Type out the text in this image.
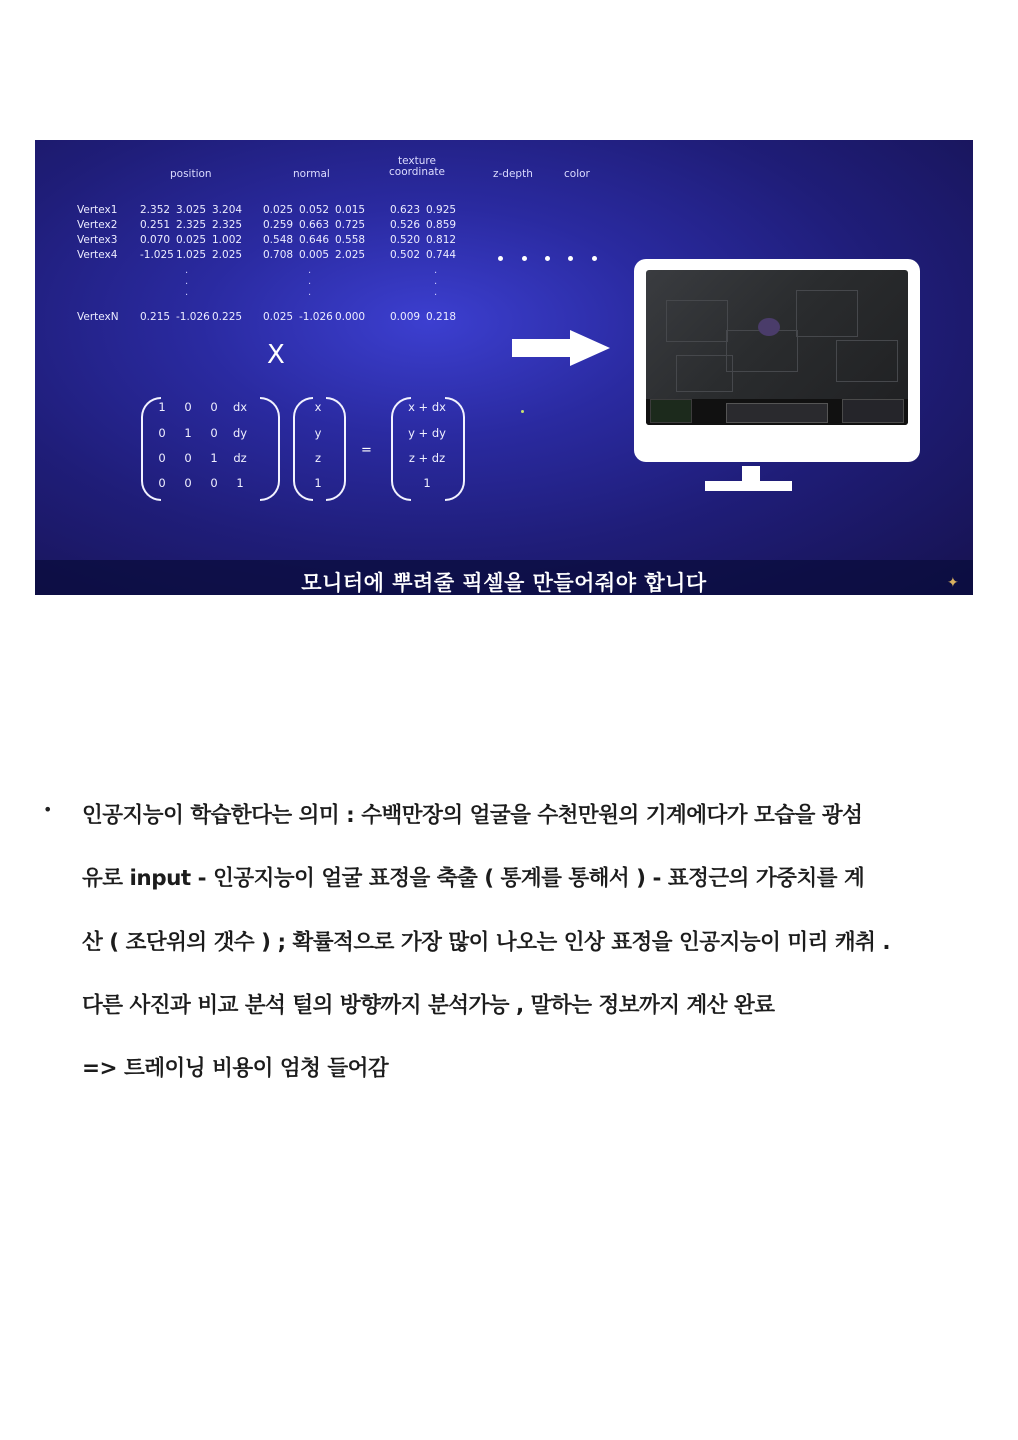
position	normal
texture
coordinate	z-depth	color
Vertex1 2.352 3.025 3.204 0.025 0.052 0.015 0.623 0.925
Vertex2 0.251 2.325 2.325 0.259 0.663 0.725 0.526 0.859
Vertex3 0.070 0.025 1.002 0.548 0.646 0.558 0.520 0.812
Vertex4 -1.025 1.025 2.025 0.708 0.005 2.025 0.502 0.744
VertexN 0.215 -1.026 0.225 0.025 -1.026 0.000 0.009 0.218
·
·
·
·
·
·
·
·
·
X
1	0	0	dx
0	1	0	dy
0	0	1	dz
0	0	0	1
x
y
z
1
=
x + dx
y + dy
z + dz
1
모니터에 뿌려줄 픽셀을 만들어줘야 합니다	✦
• 인공지능이 학습한다는 의미 : 수백만장의 얼굴을 수천만원의 기계에다가 모습을 광섬
유로 input - 인공지능이 얼굴 표정을 축출 ( 통계를 통해서 ) - 표정근의 가중치를 계
산 ( 조단위의 갯수 ) ; 확률적으로 가장 많이 나오는 인상 표정을 인공지능이 미리 캐취 .
다른 사진과 비교 분석 털의 방향까지 분석가능 , 말하는 정보까지 계산 완료
=> 트레이닝 비용이 엄청 들어감
